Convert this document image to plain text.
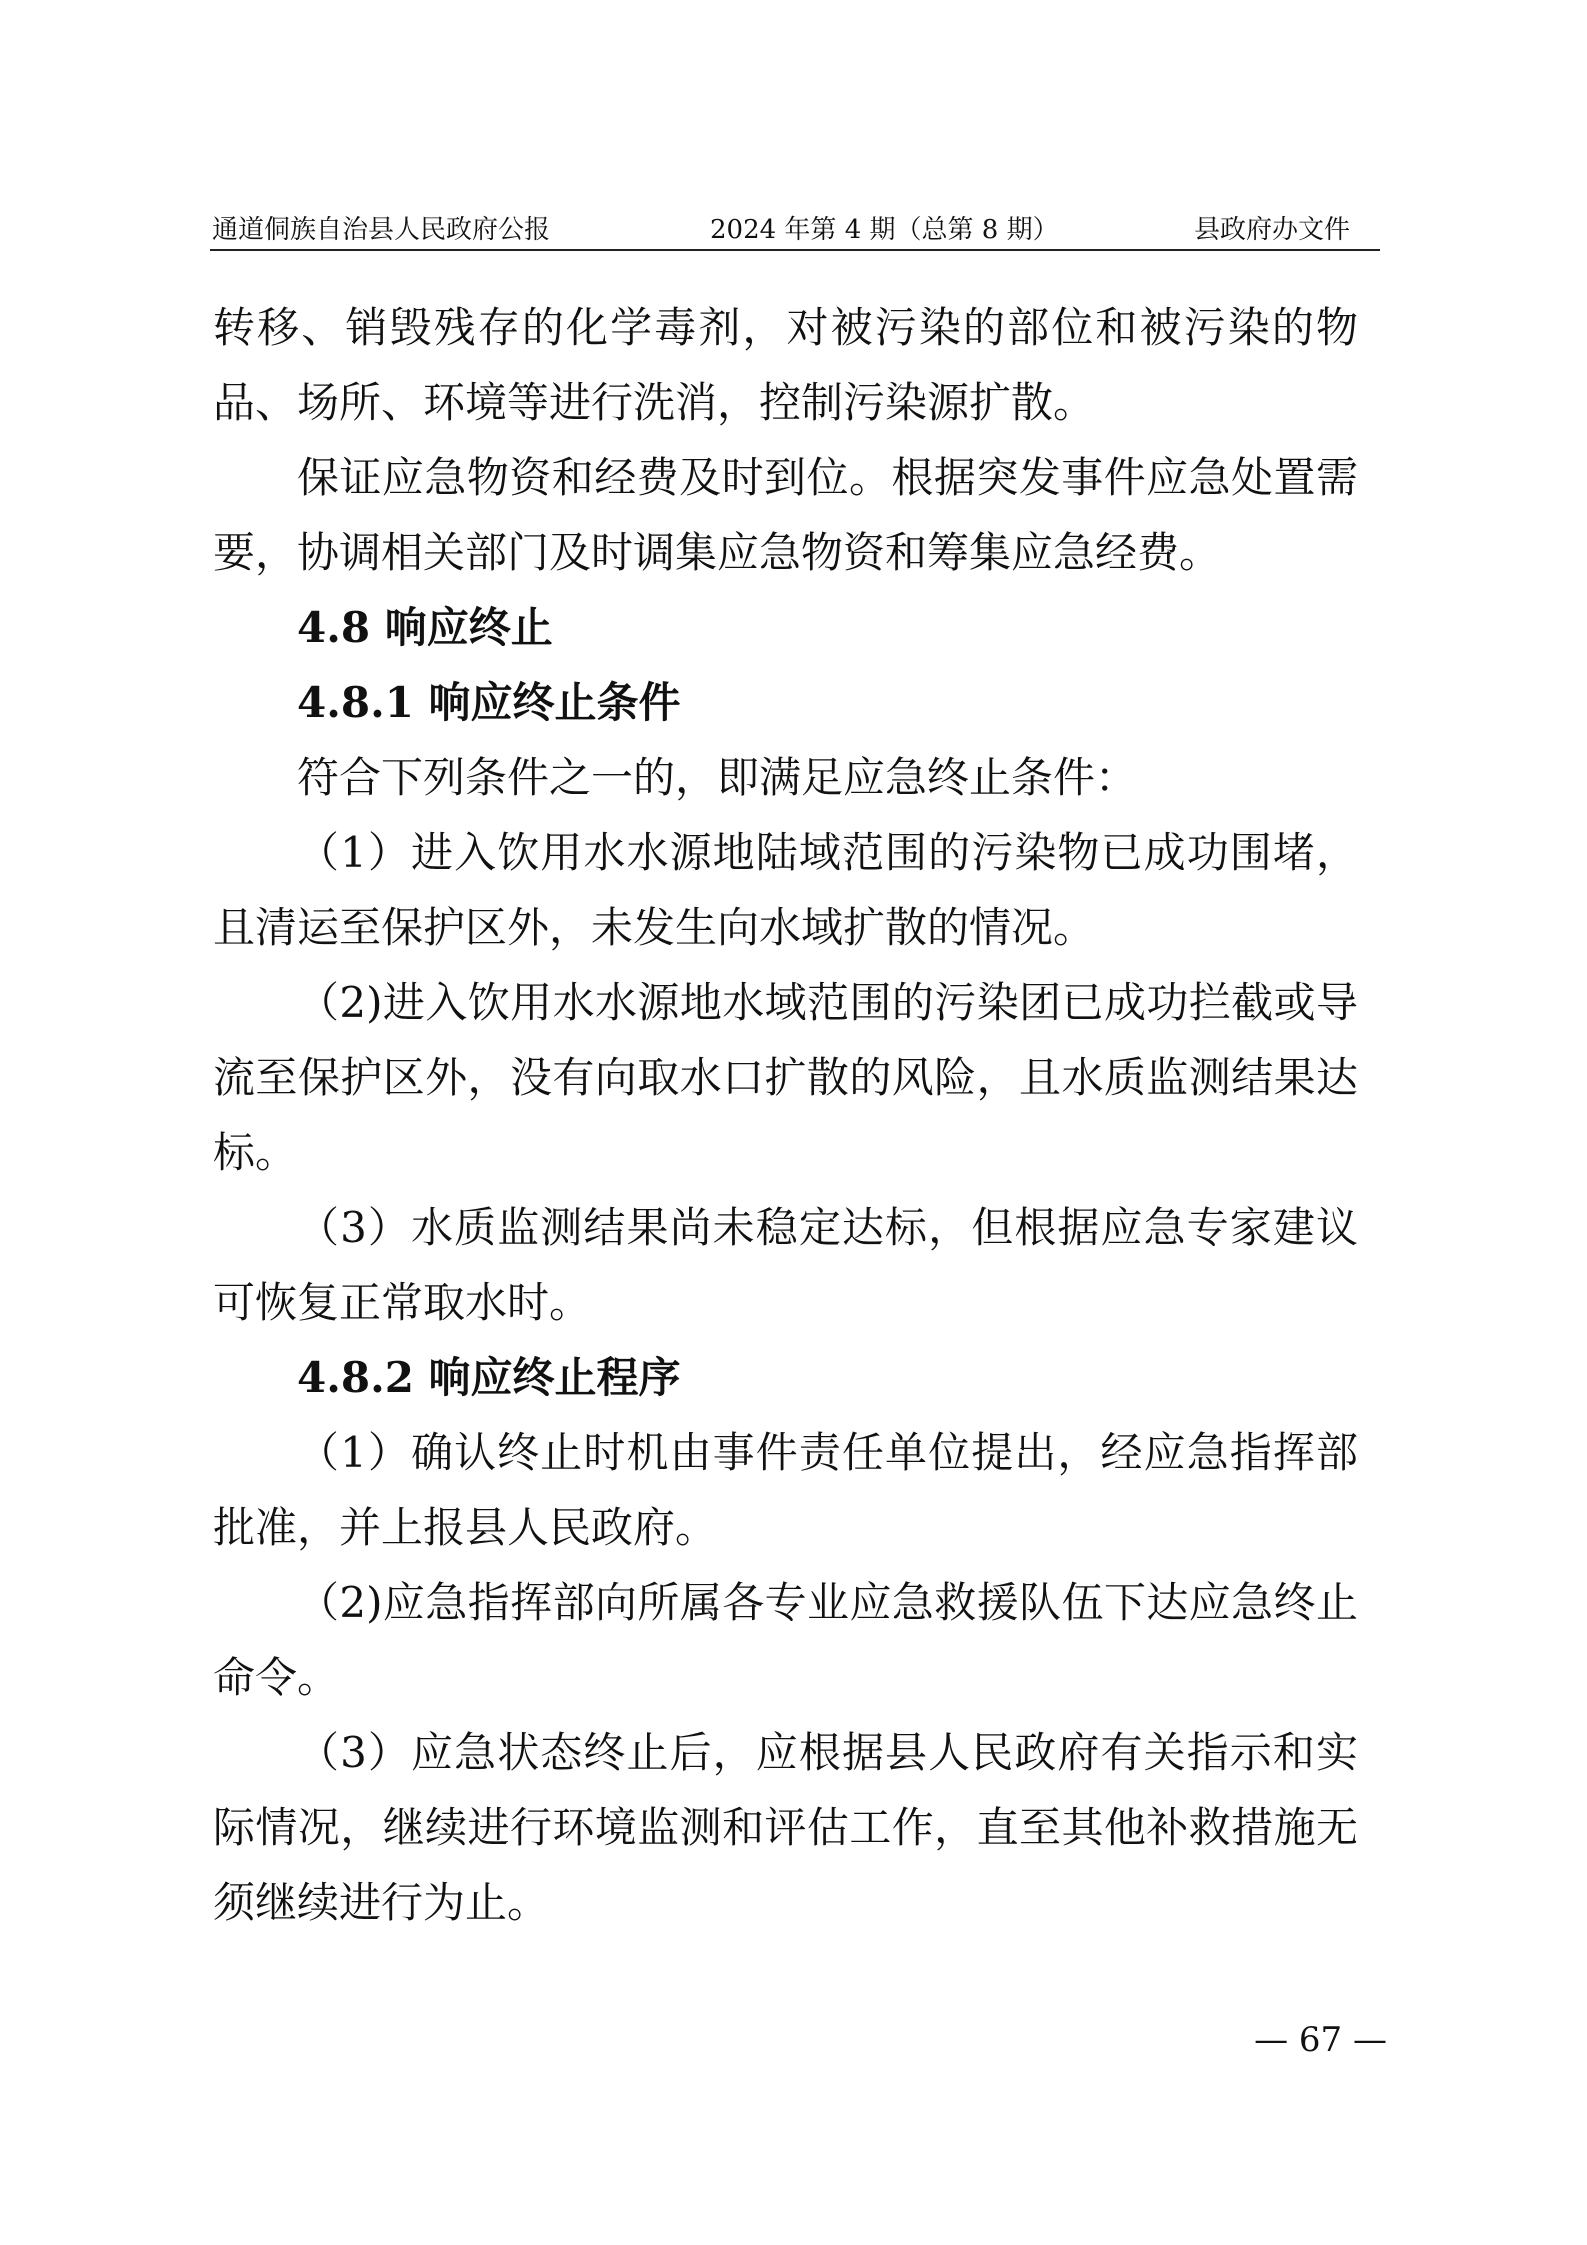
通道侗族自治县人民政府公报	2024 年第 4 期（总第 8 期）	县政府办文件

转移、销毁残存的化学毒剂，对被污染的部位和被污染的物品、场所、环境等进行洗消，控制污染源扩散。

保证应急物资和经费及时到位。根据突发事件应急处置需要，协调相关部门及时调集应急物资和筹集应急经费。

4.8 响应终止

4.8.1 响应终止条件

符合下列条件之一的，即满足应急终止条件：

（1）进入饮用水水源地陆域范围的污染物已成功围堵，且清运至保护区外，未发生向水域扩散的情况。

（2)进入饮用水水源地水域范围的污染团已成功拦截或导流至保护区外，没有向取水口扩散的风险，且水质监测结果达标。

（3）水质监测结果尚未稳定达标，但根据应急专家建议可恢复正常取水时。

4.8.2 响应终止程序

（1）确认终止时机由事件责任单位提出，经应急指挥部批准，并上报县人民政府。

（2)应急指挥部向所属各专业应急救援队伍下达应急终止命令。

（3）应急状态终止后，应根据县人民政府有关指示和实际情况，继续进行环境监测和评估工作，直至其他补救措施无须继续进行为止。

— 67 —
